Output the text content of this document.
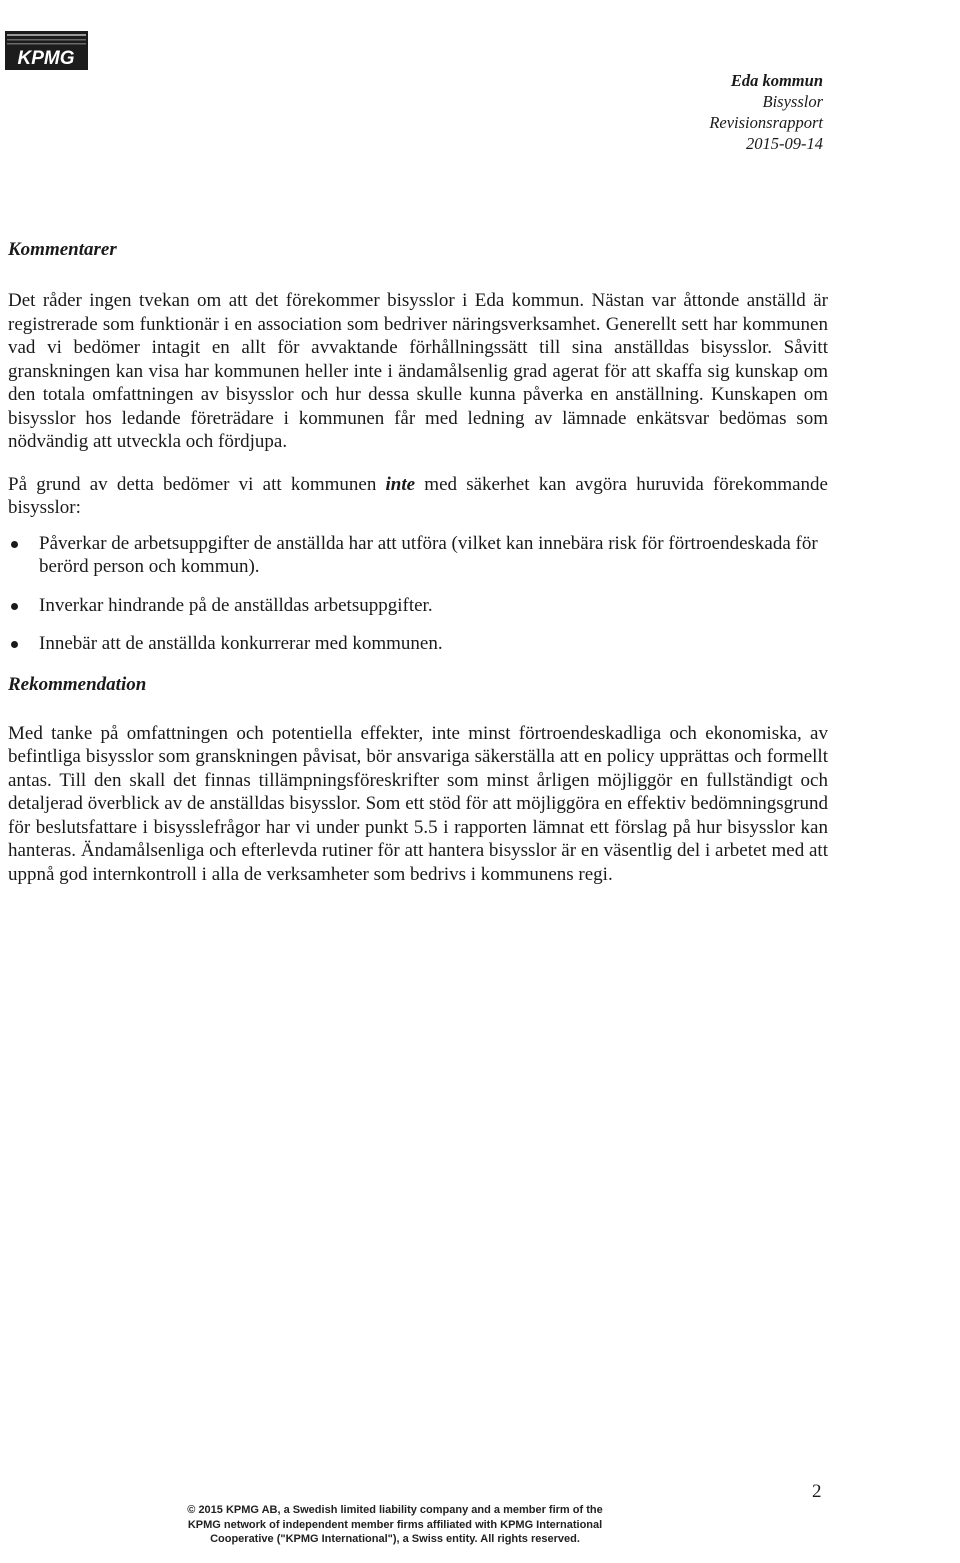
KPMG
Eda kommun
Bisysslor
Revisionsrapport
2015-09-14
Kommentarer

Det råder ingen tvekan om att det förekommer bisysslor i Eda kommun. Nästan var åttonde anställd är registrerade som funktionär i en association som bedriver näringsverksamhet. Generellt sett har kommunen vad vi bedömer intagit en allt för avvaktande förhållningssätt till sina anställdas bisysslor. Såvitt granskningen kan visa har kommunen heller inte i ändamålsenlig grad agerat för att skaffa sig kunskap om den totala omfattningen av bisysslor och hur dessa skulle kunna påverka en anställning. Kunskapen om bisysslor hos ledande företrädare i kommunen får med ledning av lämnade enkätsvar bedömas som nödvändig att utveckla och fördjupa.

På grund av detta bedömer vi att kommunen inte med säkerhet kan avgöra huruvida förekommande bisysslor:

Påverkar de arbetsuppgifter de anställda har att utföra (vilket kan innebära risk för förtroendeskada för berörd person och kommun).
Inverkar hindrande på de anställdas arbetsuppgifter.
Innebär att de anställda konkurrerar med kommunen.
Rekommendation

Med tanke på omfattningen och potentiella effekter, inte minst förtroendeskadliga och ekonomiska, av befintliga bisysslor som granskningen påvisat, bör ansvariga säkerställa att en policy upprättas och formellt antas. Till den skall det finnas tillämpningsföreskrifter som minst årligen möjliggör en fullständigt och detaljerad överblick av de anställdas bisysslor. Som ett stöd för att möjliggöra en effektiv bedömningsgrund för beslutsfattare i bisysslefrågor har vi under punkt 5.5 i rapporten lämnat ett förslag på hur bisysslor kan hanteras. Ändamålsenliga och efterlevda rutiner för att hantera bisysslor är en väsentlig del i arbetet med att uppnå god internkontroll i alla de verksamheter som bedrivs i kommunens regi.

2
© 2015 KPMG AB, a Swedish limited liability company and a member firm of the
KPMG network of independent member firms affiliated with KPMG International
Cooperative ("KPMG International"), a Swiss entity. All rights reserved.
